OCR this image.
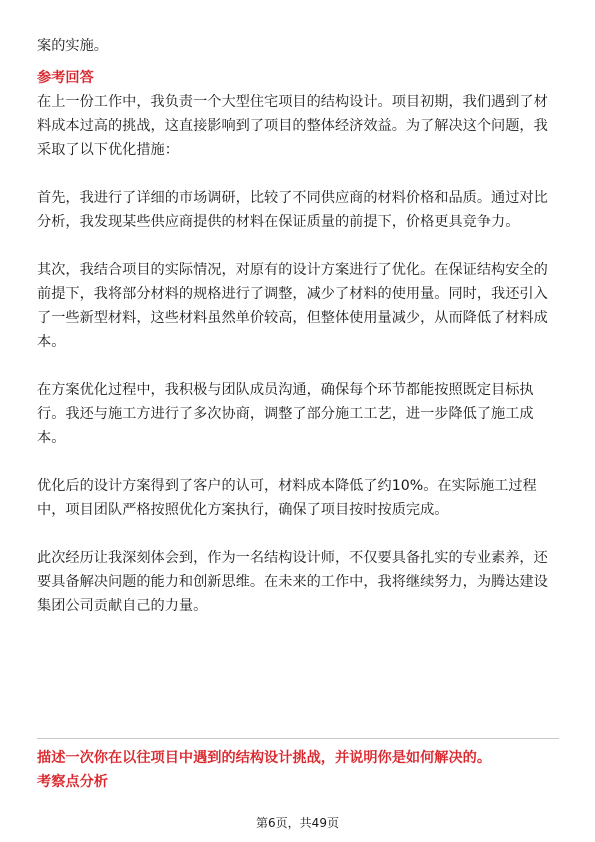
案的实施。
参考回答
在上一份工作中，我负责一个大型住宅项目的结构设计。项目初期，我们遇到了材
料成本过高的挑战，这直接影响到了项目的整体经济效益。为了解决这个问题，我
采取了以下优化措施：
首先，我进行了详细的市场调研，比较了不同供应商的材料价格和品质。通过对比
分析，我发现某些供应商提供的材料在保证质量的前提下，价格更具竞争力。
其次，我结合项目的实际情况，对原有的设计方案进行了优化。在保证结构安全的
前提下，我将部分材料的规格进行了调整，减少了材料的使用量。同时，我还引入
了一些新型材料，这些材料虽然单价较高，但整体使用量减少，从而降低了材料成
本。
在方案优化过程中，我积极与团队成员沟通，确保每个环节都能按照既定目标执
行。我还与施工方进行了多次协商，调整了部分施工工艺，进一步降低了施工成
本。
优化后的设计方案得到了客户的认可，材料成本降低了约10%。在实际施工过程
中，项目团队严格按照优化方案执行，确保了项目按时按质完成。
此次经历让我深刻体会到，作为一名结构设计师，不仅要具备扎实的专业素养，还
要具备解决问题的能力和创新思维。在未来的工作中，我将继续努力，为腾达建设
集团公司贡献自己的力量。
描述一次你在以往项目中遇到的结构设计挑战，并说明你是如何解决的。
考察点分析
第6页，共49页
